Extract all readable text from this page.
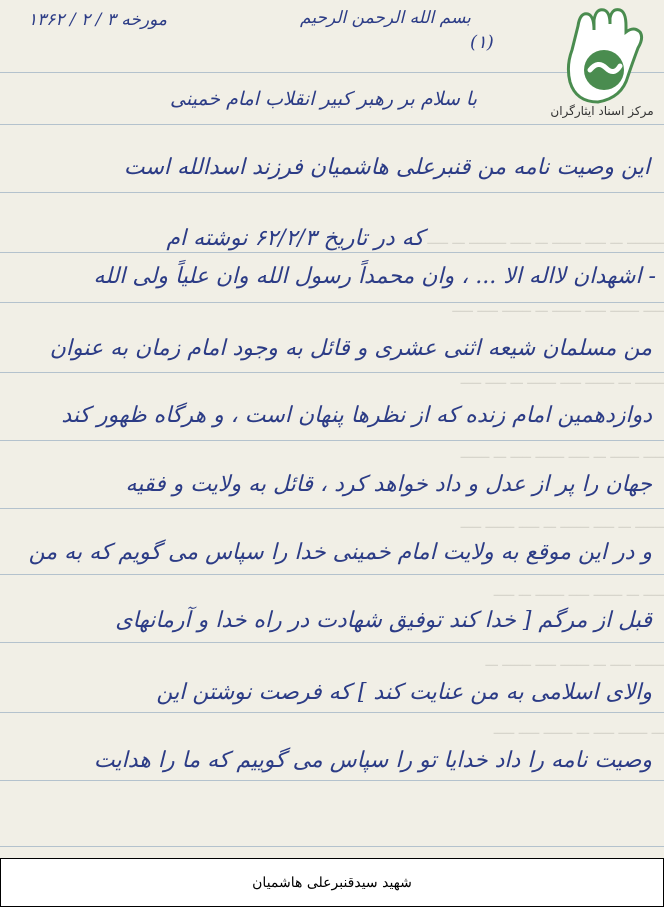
بسم الله الرحمن الرحیم
مورخه ۳ / ۲ / ۱۳۶۲
(۱)
با سلام بر رهبر کبیر انقلاب امام خمینی
مرکز اسناد ایثارگران
ـــــــــ ـــ ـــــ ـــــــ ـــ ـــــ ـــــــــ ـــ ـــــ
ـــــ ـــــــ ـــــ ـــــــ ـــ ـــــــ ـــــ ـــــ
ـــــــ ـــ ـــــــ ـــــ ـــــــ ـــ ـــــ ـــــ
ـــــ ـــــــ ـــ ـــــ ـــــــ ـــــ ـــ ـــــــ
ـــــــ ـــ ـــــ ـــــــ ـــ ـــــ ـــــــ ـــــ
ـــــ ـــ ـــــــ ـــــ ـــــــ ـــ ـــــ
ـــــــ ـــــ ـــ ـــــــ ـــــ ـــــــ ـــ
ـــ ـــــــ ـــــ ـــ ـــــــ ـــــ ـــــ
این وصیت نامه من قنبرعلی هاشمیان فرزند اسدالله است
که در تاریخ ۶۲/۲/۳ نوشته ام
- اشهدان لااله الا ... ، وان محمداً رسول الله وان علیاً ولی الله
من مسلمان شیعه اثنی عشری و قائل به وجود امام زمان به عنوان
دوازدهمین امام زنده که از نظرها پنهان است ، و هرگاه ظهور کند
جهان را پر از عدل و داد خواهد کرد ، قائل به ولایت و فقیه
و در این موقع به ولایت امام خمینی خدا را سپاس می گویم که به من
قبل از مرگم [ خدا کند توفیق شهادت در راه خدا و آرمانهای
والای اسلامی به من عنایت کند ] که فرصت نوشتن این
وصیت نامه را داد خدایا تو را سپاس می گوییم که ما را هدایت
شهید سیدقنبرعلی هاشمیان
